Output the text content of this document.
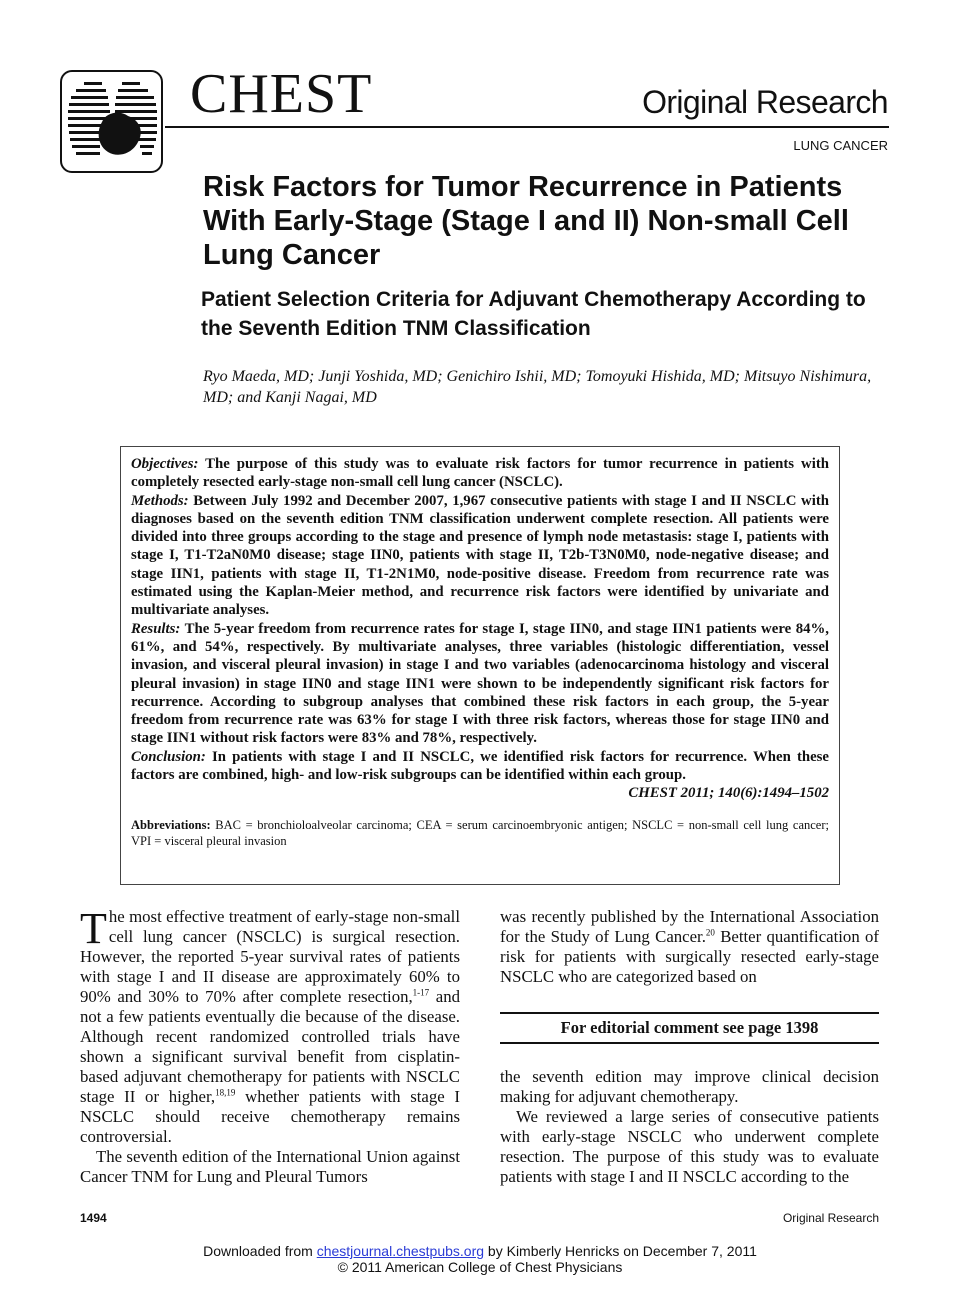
CHEST	Original Research
LUNG CANCER
Risk Factors for Tumor Recurrence in Patients With Early-Stage (Stage I and II) Non-small Cell Lung Cancer
Patient Selection Criteria for Adjuvant Chemotherapy According to the Seventh Edition TNM Classification
Ryo Maeda, MD; Junji Yoshida, MD; Genichiro Ishii, MD; Tomoyuki Hishida, MD; Mitsuyo Nishimura, MD; and Kanji Nagai, MD

Objectives: The purpose of this study was to evaluate risk factors for tumor recurrence in patients with completely resected early-stage non-small cell lung cancer (NSCLC).

Methods: Between July 1992 and December 2007, 1,967 consecutive patients with stage I and II NSCLC with diagnoses based on the seventh edition TNM classification underwent complete resection. All patients were divided into three groups according to the stage and presence of lymph node metastasis: stage I, patients with stage I, T1-T2aN0M0 disease; stage IIN0, patients with stage II, T2b-T3N0M0, node-negative disease; and stage IIN1, patients with stage II, T1-2N1M0, node-positive disease. Freedom from recurrence rate was estimated using the Kaplan-Meier method, and recurrence risk factors were identified by univariate and multivariate analyses.

Results: The 5-year freedom from recurrence rates for stage I, stage IIN0, and stage IIN1 patients were 84%, 61%, and 54%, respectively. By multivariate analyses, three variables (histologic differentiation, vessel invasion, and visceral pleural invasion) in stage I and two variables (adenocarcinoma histology and visceral pleural invasion) in stage IIN0 and stage IIN1 were shown to be independently significant risk factors for recurrence. According to subgroup analyses that combined these risk factors in each group, the 5-year freedom from recurrence rate was 63% for stage I with three risk factors, whereas those for stage IIN0 and stage IIN1 without risk factors were 83% and 78%, respectively.

Conclusion: In patients with stage I and II NSCLC, we identified risk factors for recurrence. When these factors are combined, high- and low-risk subgroups can be identified within each group.

CHEST 2011; 140(6):1494–1502
Abbreviations: BAC = bronchioloalveolar carcinoma; CEA = serum carcinoembryonic antigen; NSCLC = non-small cell lung cancer; VPI = visceral pleural invasion

The most effective treatment of early-stage non-small cell lung cancer (NSCLC) is surgical resection. However, the reported 5-year survival rates of patients with stage I and II disease are approximately 60% to 90% and 30% to 70% after complete resection,$^{1-17}$ and not a few patients eventually die because of the disease. Although recent randomized controlled trials have shown a significant survival benefit from cisplatin-based adjuvant chemotherapy for patients with NSCLC stage II or higher,$^{18,19}$ whether patients with stage I NSCLC should receive chemotherapy remains controversial.

The seventh edition of the International Union against Cancer TNM for Lung and Pleural Tumors

was recently published by the International Association for the Study of Lung Cancer.$^{20}$ Better quantification of risk for patients with surgically resected early-stage NSCLC who are categorized based on

For editorial comment see page 1398

the seventh edition may improve clinical decision making for adjuvant chemotherapy.

We reviewed a large series of consecutive patients with early-stage NSCLC who underwent complete resection. The purpose of this study was to evaluate patients with stage I and II NSCLC according to the

1494	Original Research
Downloaded from chestjournal.chestpubs.org by Kimberly Henricks on December 7, 2011
© 2011 American College of Chest Physicians
